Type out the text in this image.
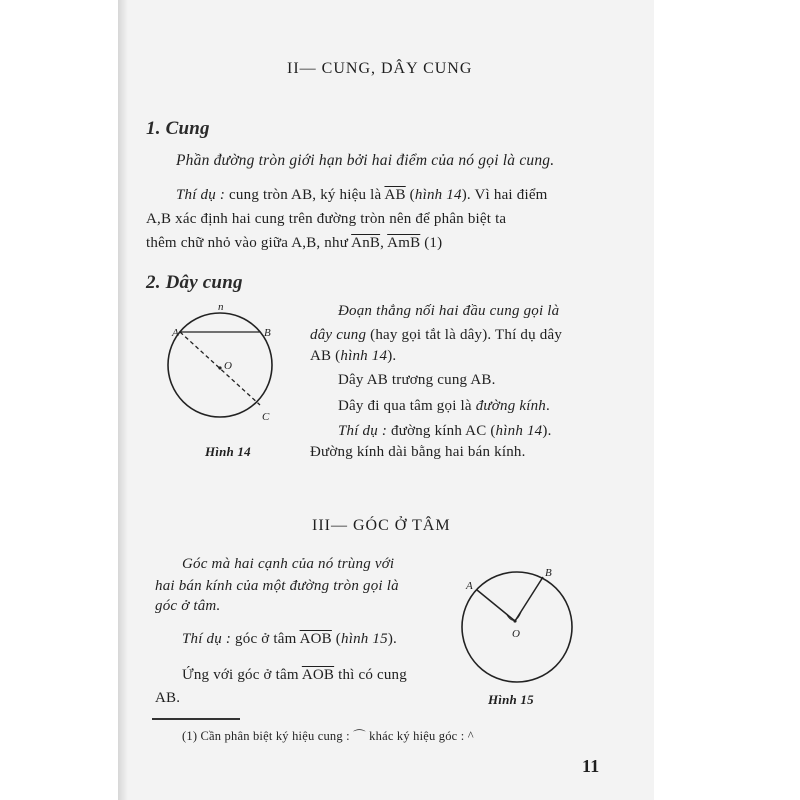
II— CUNG, DÂY CUNG
1. Cung
Phần đường tròn giới hạn bởi hai điểm của nó gọi là cung.
Thí dụ : cung tròn AB, ký hiệu là $\overline{AB}$ (hình 14). Vì hai điểm
A,B xác định hai cung trên đường tròn nên để phân biệt ta
thêm chữ nhỏ vào giữa A,B, như $\overline{AnB}$, $\overline{AmB}$ (1)
2. Dây cung
Đoạn thẳng nối hai đầu cung gọi là
dây cung (hay gọi tắt là dây). Thí dụ dây
AB (hình 14).
Dây AB trương cung AB.
Dây đi qua tâm gọi là đường kính.
Thí dụ : đường kính AC (hình 14).
Đường kính dài bằng hai bán kính.
A	B
C
O
n
Hình 14
III— GÓC Ở TÂM
Góc mà hai cạnh của nó trùng với
hai bán kính của một đường tròn gọi là
góc ở tâm.
Thí dụ : góc ở tâm $\overline{AOB}$ (hình 15).
Ứng với góc ở tâm $\overline{AOB}$ thì có cung
AB.
A
B
O
Hình 15
(1) Cần phân biệt ký hiệu cung : ⌒ khác ký hiệu góc : ^
11
